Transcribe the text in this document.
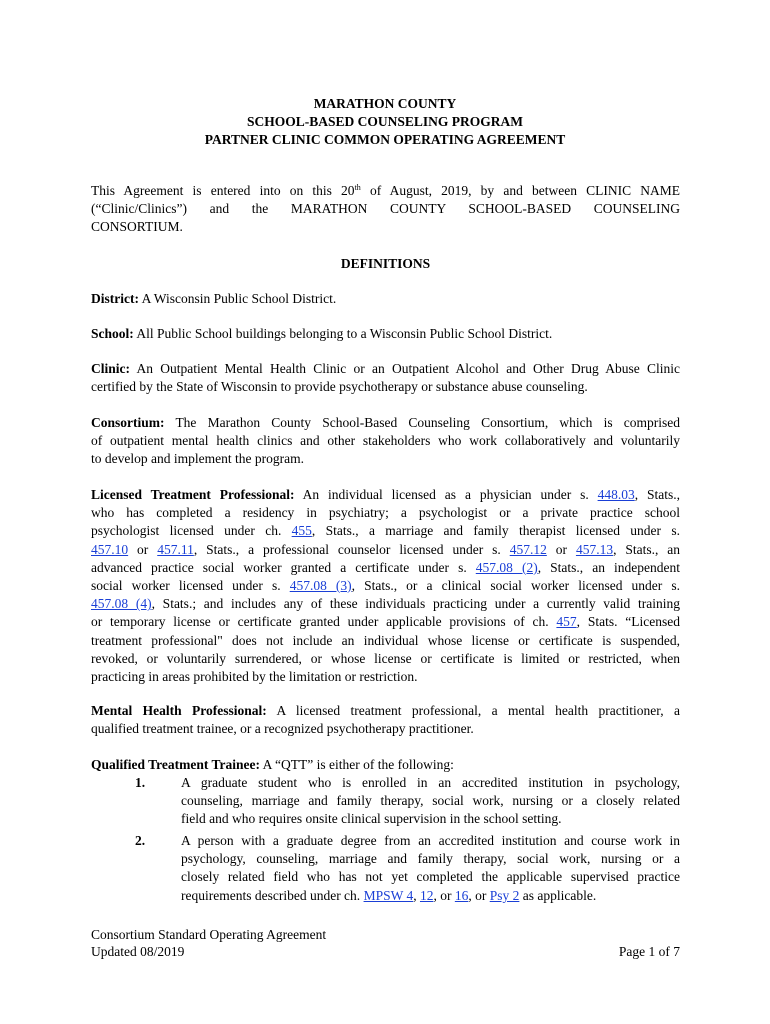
MARATHON COUNTY
SCHOOL-BASED COUNSELING PROGRAM
PARTNER CLINIC COMMON OPERATING AGREEMENT
This Agreement is entered into on this 20th of August, 2019, by and between CLINIC NAME
(“Clinic/Clinics”) and the MARATHON COUNTY SCHOOL-BASED COUNSELING
CONSORTIUM.
DEFINITIONS
District: A Wisconsin Public School District.
School: All Public School buildings belonging to a Wisconsin Public School District.
Clinic: An Outpatient Mental Health Clinic or an Outpatient Alcohol and Other Drug Abuse Clinic
certified by the State of Wisconsin to provide psychotherapy or substance abuse counseling.
Consortium: The Marathon County School-Based Counseling Consortium, which is comprised
of outpatient mental health clinics and other stakeholders who work collaboratively and voluntarily
to develop and implement the program.
Licensed Treatment Professional: An individual licensed as a physician under s. 448.03, Stats.,
who has completed a residency in psychiatry; a psychologist or a private practice school
psychologist licensed under ch. 455, Stats., a marriage and family therapist licensed under s.
457.10 or 457.11, Stats., a professional counselor licensed under s. 457.12 or 457.13, Stats., an
advanced practice social worker granted a certificate under s. 457.08 (2), Stats., an independent
social worker licensed under s. 457.08 (3), Stats., or a clinical social worker licensed under s.
457.08 (4), Stats.; and includes any of these individuals practicing under a currently valid training
or temporary license or certificate granted under applicable provisions of ch. 457, Stats. “Licensed
treatment professional" does not include an individual whose license or certificate is suspended,
revoked, or voluntarily surrendered, or whose license or certificate is limited or restricted, when
practicing in areas prohibited by the limitation or restriction.
Mental Health Professional: A licensed treatment professional, a mental health practitioner, a
qualified treatment trainee, or a recognized psychotherapy practitioner.
Qualified Treatment Trainee: A “QTT” is either of the following:
1.	A graduate student who is enrolled in an accredited institution in psychology,
counseling, marriage and family therapy, social work, nursing or a closely related
field and who requires onsite clinical supervision in the school setting.
2.	A person with a graduate degree from an accredited institution and course work in
psychology, counseling, marriage and family therapy, social work, nursing or a
closely related field who has not yet completed the applicable supervised practice
requirements described under ch. MPSW 4, 12, or 16, or Psy 2 as applicable.
Consortium Standard Operating Agreement
Updated 08/2019	Page 1 of 7
